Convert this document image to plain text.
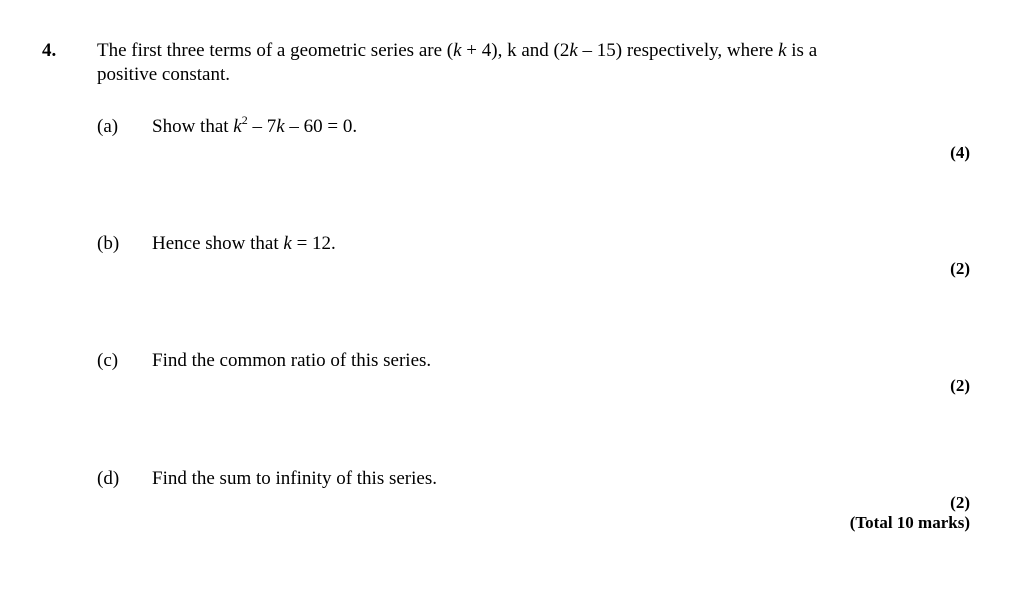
4. The first three terms of a geometric series are (k + 4), k and (2k – 15) respectively, where k is a
positive constant.
(a) Show that $k^2 - 7k - 60 = 0$.
(4)
(b) Hence show that k = 12.
(2)
(c) Find the common ratio of this series.
(2)
(d) Find the sum to infinity of this series.
(2)
(Total 10 marks)
